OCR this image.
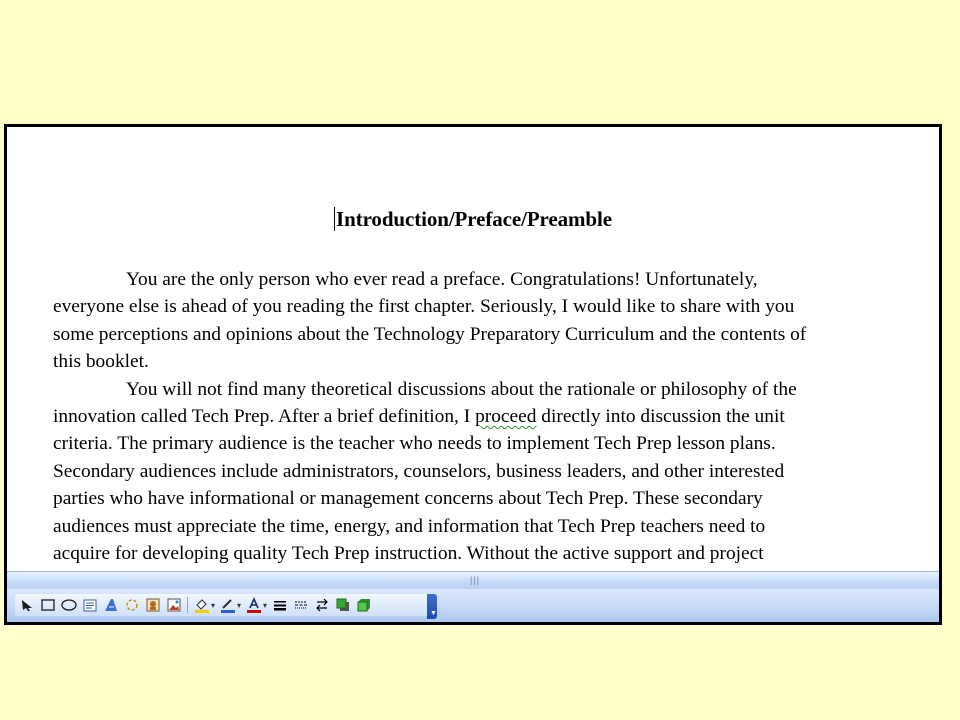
Introduction/Preface/Preamble
You are the only person who ever read a preface. Congratulations! Unfortunately,
everyone else is ahead of you reading the first chapter. Seriously, I would like to share with you
some perceptions and opinions about the Technology Preparatory Curriculum and the contents of
this booklet.
You will not find many theoretical discussions about the rationale or philosophy of the
innovation called Tech Prep. After a brief definition, I proceed directly into discussion the unit
criteria. The primary audience is the teacher who needs to implement Tech Prep lesson plans.
Secondary audiences include administrators, counselors, business leaders, and other interested
parties who have informational or management concerns about Tech Prep. These secondary
audiences must appreciate the time, energy, and information that Tech Prep teachers need to
acquire for developing quality Tech Prep instruction. Without the active support and project
|||
▾	▾	▾
▼
